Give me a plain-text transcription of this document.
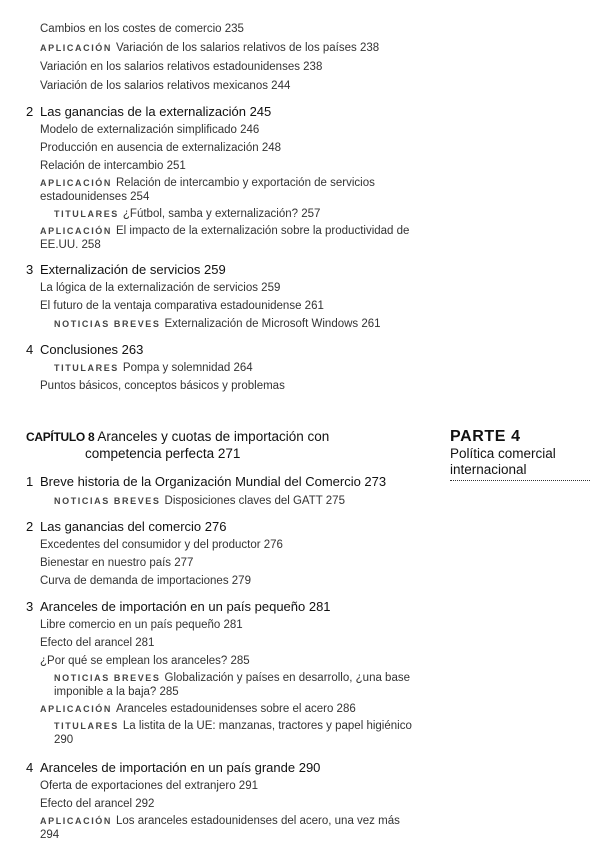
Cambios en los costes de comercio 235
APLICACIÓN Variación de los salarios relativos de los países 238
Variación en los salarios relativos estadounidenses 238
Variación de los salarios relativos mexicanos 244
2 Las ganancias de la externalización 245
Modelo de externalización simplificado 246
Producción en ausencia de externalización 248
Relación de intercambio 251
APLICACIÓN Relación de intercambio y exportación de servicios estadounidenses 254
TITULARES ¿Fútbol, samba y externalización? 257
APLICACIÓN El impacto de la externalización sobre la productividad de EE.UU. 258
3 Externalización de servicios 259
La lógica de la externalización de servicios 259
El futuro de la ventaja comparativa estadounidense 261
NOTICIAS BREVES Externalización de Microsoft Windows 261
4 Conclusiones 263
TITULARES Pompa y solemnidad 264
Puntos básicos, conceptos básicos y problemas
CAPÍTULO 8 Aranceles y cuotas de importación con
competencia perfecta 271
PARTE 4
Política comercial
internacional
1 Breve historia de la Organización Mundial del Comercio 273
NOTICIAS BREVES Disposiciones claves del GATT 275
2 Las ganancias del comercio 276
Excedentes del consumidor y del productor 276
Bienestar en nuestro país 277
Curva de demanda de importaciones 279
3 Aranceles de importación en un país pequeño 281
Libre comercio en un país pequeño 281
Efecto del arancel 281
¿Por qué se emplean los aranceles? 285
NOTICIAS BREVES Globalización y países en desarrollo, ¿una base imponible a la baja? 285
APLICACIÓN Aranceles estadounidenses sobre el acero 286
TITULARES La listita de la UE: manzanas, tractores y papel higiénico 290
4 Aranceles de importación en un país grande 290
Oferta de exportaciones del extranjero 291
Efecto del arancel 292
APLICACIÓN Los aranceles estadounidenses del acero, una vez más 294
